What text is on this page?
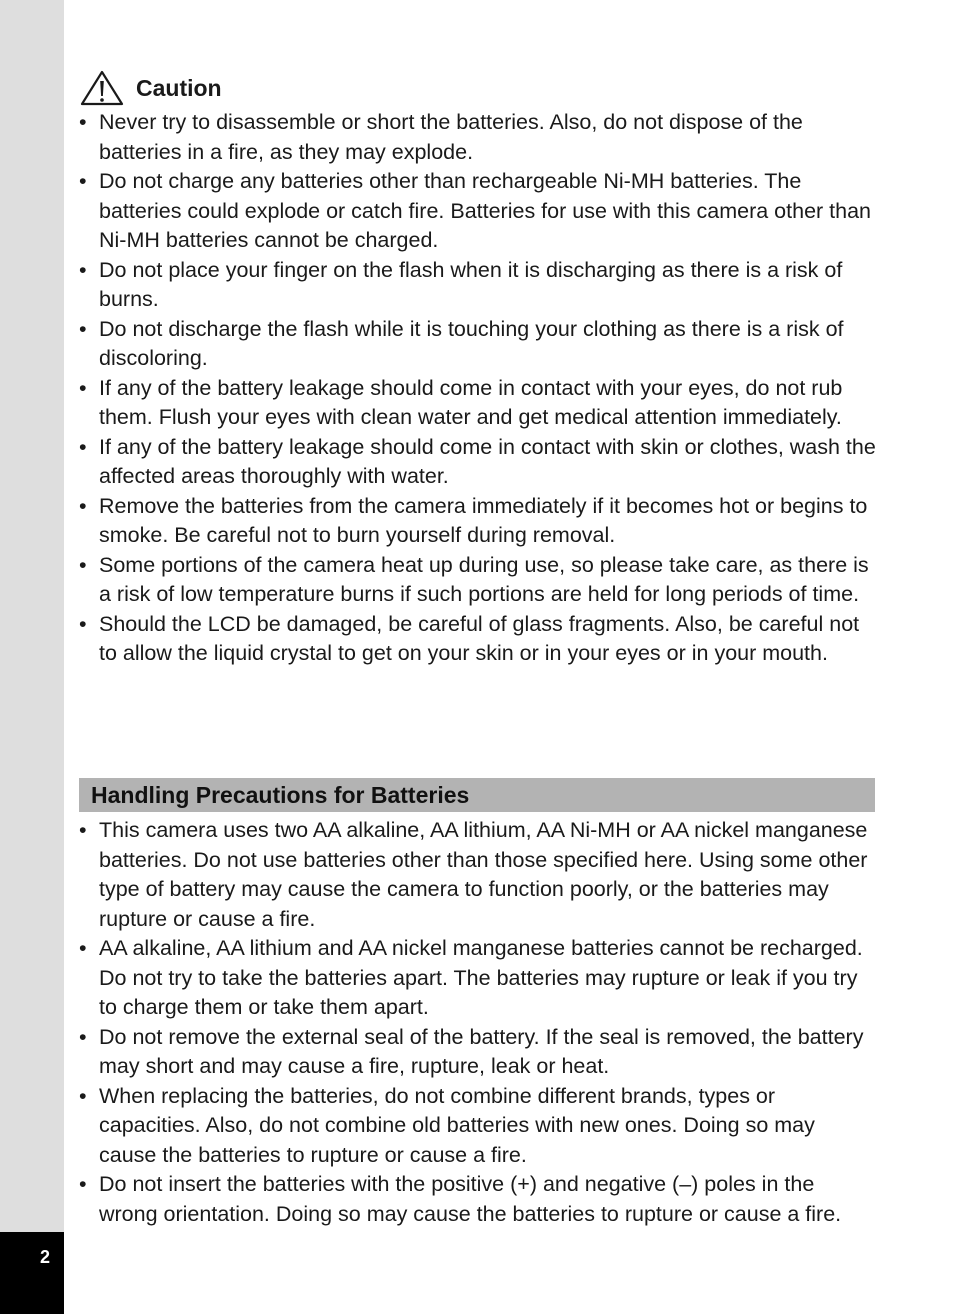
2
Caution
• Never try to disassemble or short the batteries. Also, do not dispose of the batteries in a fire, as they may explode.
• Do not charge any batteries other than rechargeable Ni-MH batteries. The batteries could explode or catch fire. Batteries for use with this camera other than Ni-MH batteries cannot be charged.
• Do not place your finger on the flash when it is discharging as there is a risk of burns.
• Do not discharge the flash while it is touching your clothing as there is a risk of discoloring.
• If any of the battery leakage should come in contact with your eyes, do not rub them. Flush your eyes with clean water and get medical attention immediately.
• If any of the battery leakage should come in contact with skin or clothes, wash the affected areas thoroughly with water.
• Remove the batteries from the camera immediately if it becomes hot or begins to smoke. Be careful not to burn yourself during removal.
• Some portions of the camera heat up during use, so please take care, as there is a risk of low temperature burns if such portions are held for long periods of time.
• Should the LCD be damaged, be careful of glass fragments. Also, be careful not to allow the liquid crystal to get on your skin or in your eyes or in your mouth.
Handling Precautions for Batteries
• This camera uses two AA alkaline, AA lithium, AA Ni-MH or AA nickel manganese batteries. Do not use batteries other than those specified here. Using some other type of battery may cause the camera to function poorly, or the batteries may rupture or cause a fire.
• AA alkaline, AA lithium and AA nickel manganese batteries cannot be recharged. Do not try to take the batteries apart. The batteries may rupture or leak if you try to charge them or take them apart.
• Do not remove the external seal of the battery. If the seal is removed, the battery may short and may cause a fire, rupture, leak or heat.
• When replacing the batteries, do not combine different brands, types or capacities. Also, do not combine old batteries with new ones. Doing so may cause the batteries to rupture or cause a fire.
• Do not insert the batteries with the positive (+) and negative (–) poles in the wrong orientation. Doing so may cause the batteries to rupture or cause a fire.
